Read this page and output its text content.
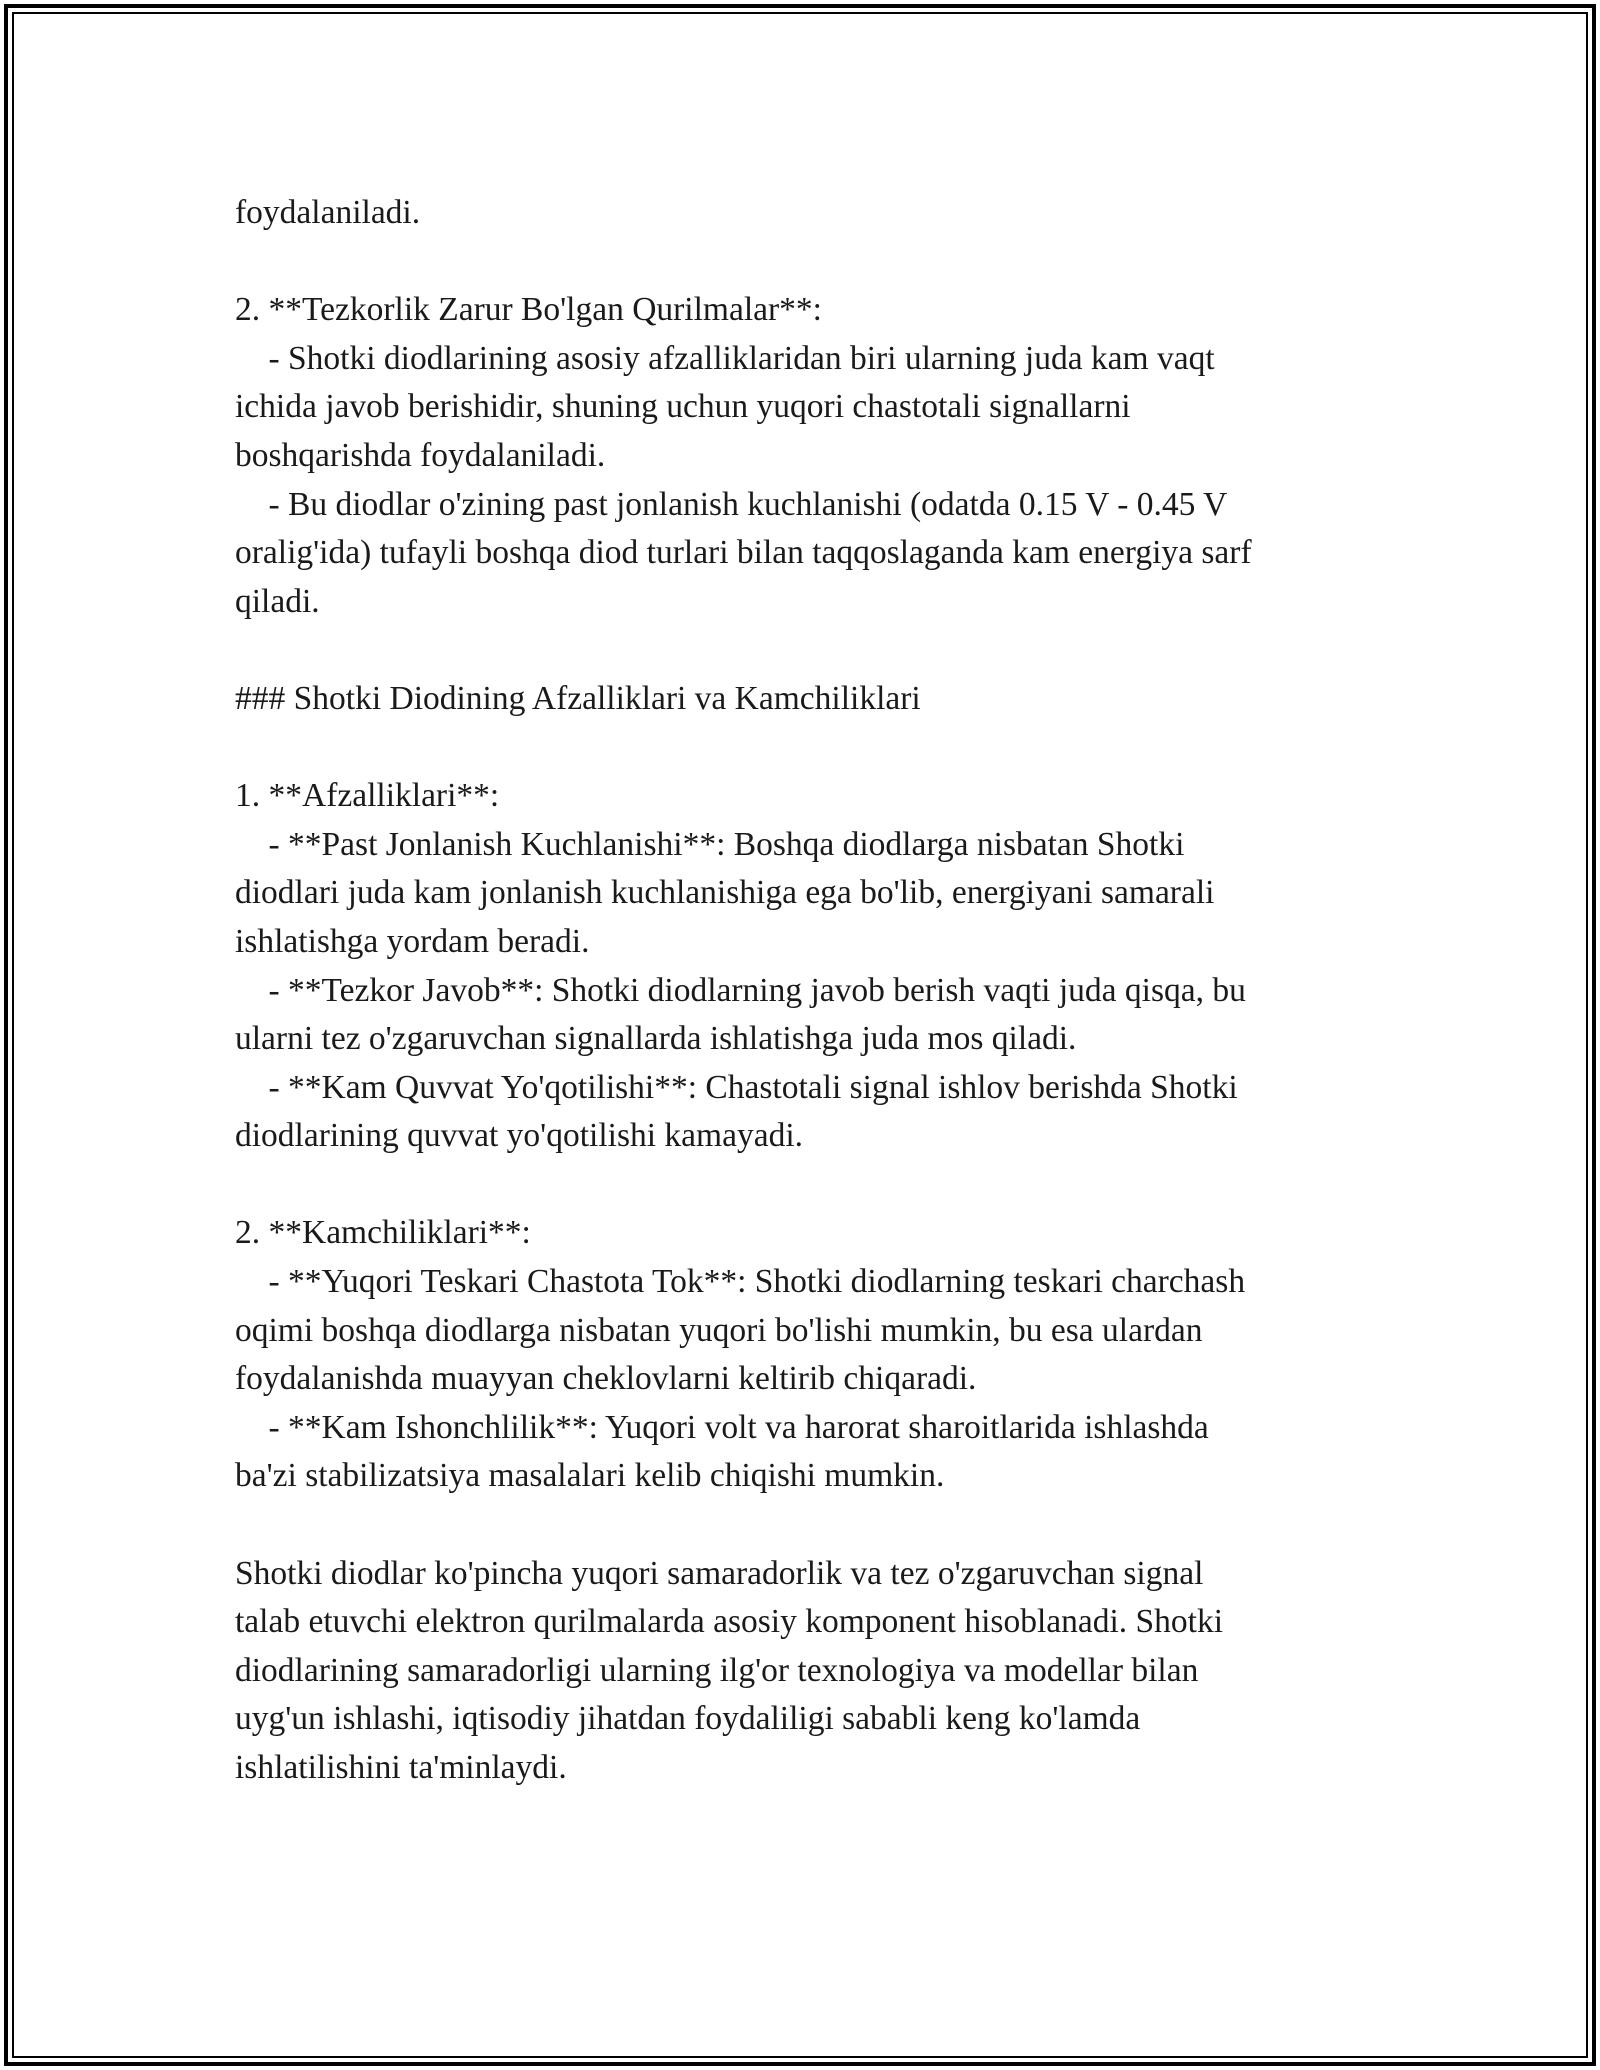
foydalaniladi.
2. **Tezkorlik Zarur Bo'lgan Qurilmalar**:
- Shotki diodlarining asosiy afzalliklaridan biri ularning juda kam vaqt
ichida javob berishidir, shuning uchun yuqori chastotali signallarni
boshqarishda foydalaniladi.
- Bu diodlar o'zining past jonlanish kuchlanishi (odatda 0.15 V - 0.45 V
oralig'ida) tufayli boshqa diod turlari bilan taqqoslaganda kam energiya sarf
qiladi.
### Shotki Diodining Afzalliklari va Kamchiliklari
1. **Afzalliklari**:
- **Past Jonlanish Kuchlanishi**: Boshqa diodlarga nisbatan Shotki
diodlari juda kam jonlanish kuchlanishiga ega bo'lib, energiyani samarali
ishlatishga yordam beradi.
- **Tezkor Javob**: Shotki diodlarning javob berish vaqti juda qisqa, bu
ularni tez o'zgaruvchan signallarda ishlatishga juda mos qiladi.
- **Kam Quvvat Yo'qotilishi**: Chastotali signal ishlov berishda Shotki
diodlarining quvvat yo'qotilishi kamayadi.
2. **Kamchiliklari**:
- **Yuqori Teskari Chastota Tok**: Shotki diodlarning teskari charchash
oqimi boshqa diodlarga nisbatan yuqori bo'lishi mumkin, bu esa ulardan
foydalanishda muayyan cheklovlarni keltirib chiqaradi.
- **Kam Ishonchlilik**: Yuqori volt va harorat sharoitlarida ishlashda
ba'zi stabilizatsiya masalalari kelib chiqishi mumkin.
Shotki diodlar ko'pincha yuqori samaradorlik va tez o'zgaruvchan signal
talab etuvchi elektron qurilmalarda asosiy komponent hisoblanadi. Shotki
diodlarining samaradorligi ularning ilg'or texnologiya va modellar bilan
uyg'un ishlashi, iqtisodiy jihatdan foydaliligi sababli keng ko'lamda
ishlatilishini ta'minlaydi.
